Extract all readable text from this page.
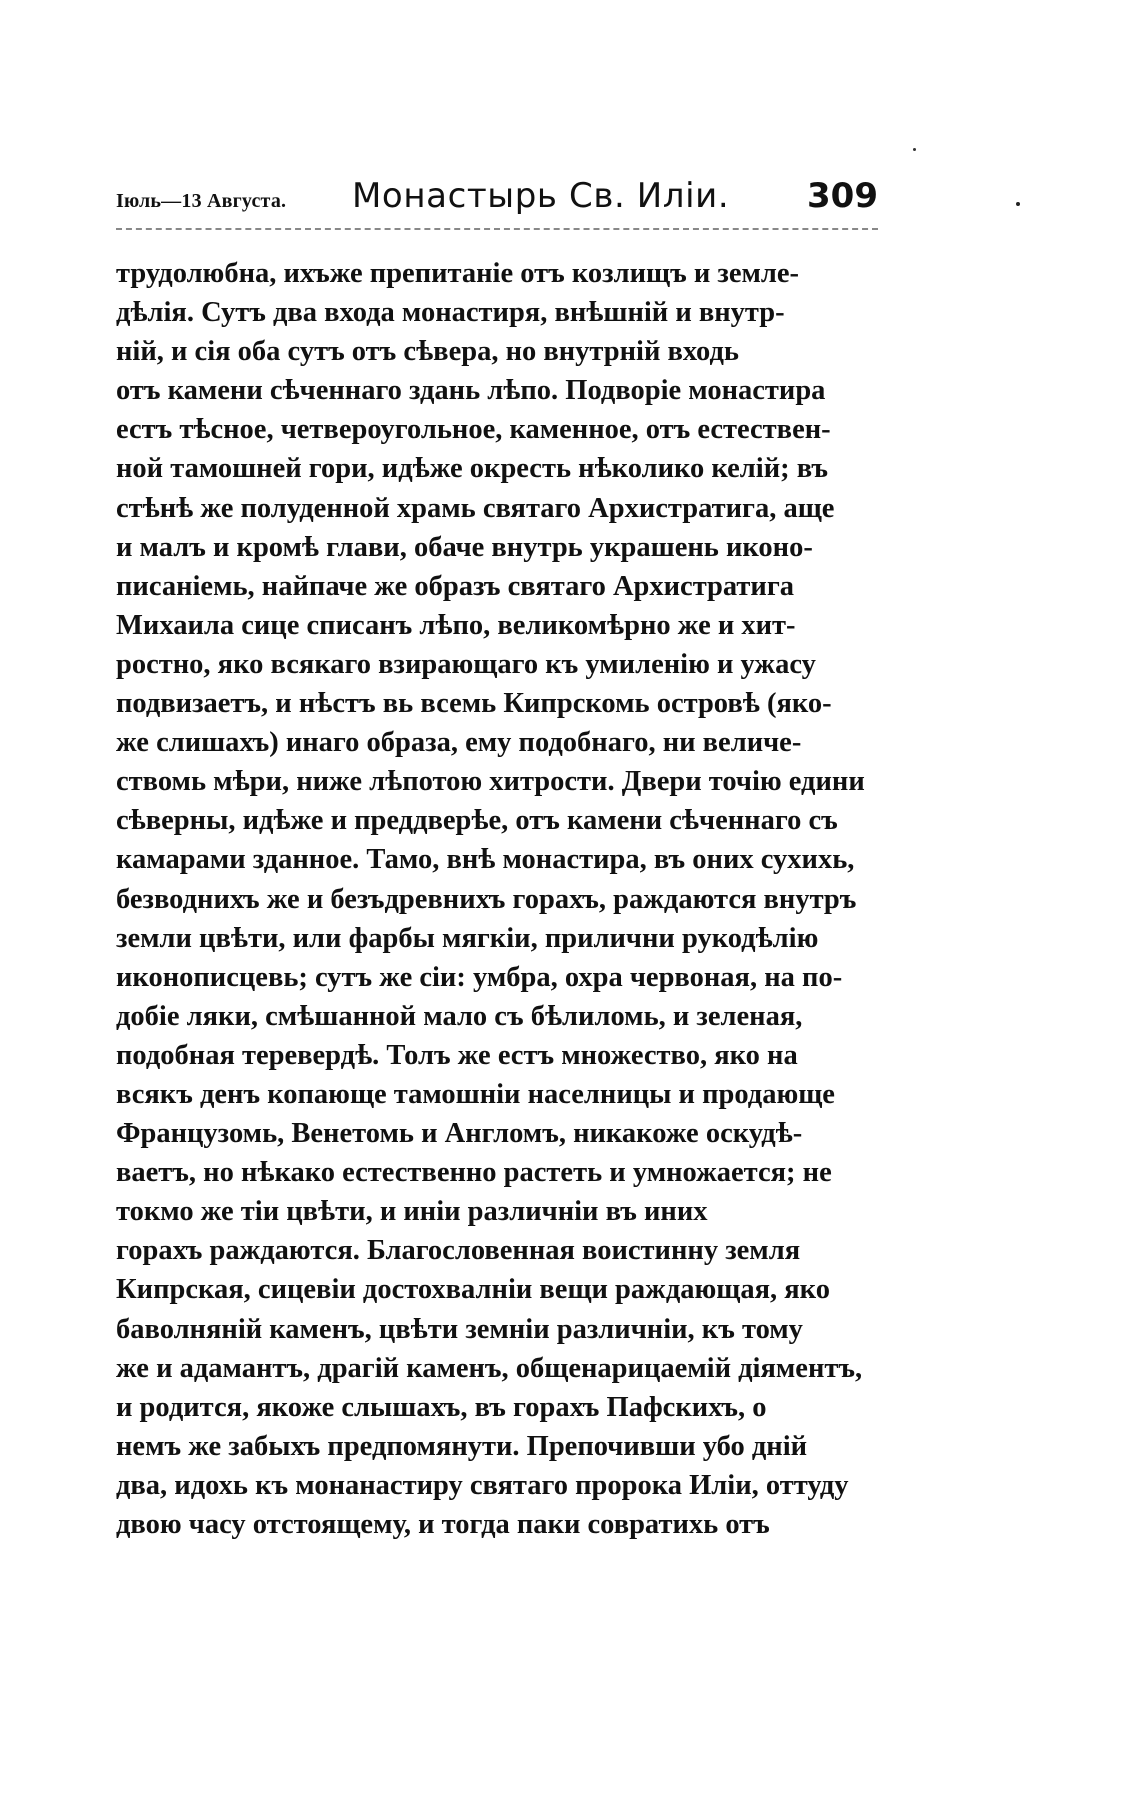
Іюль—13 Августа. Монастырь Св. Иліи. 309
трудолюбна, ихъже препитаніе отъ козлищъ и земле-
дѣлія. Сутъ два входа монастиря, внѣшній и внутр-
ній, и сія оба сутъ отъ сѣвера, но внутрній входь
отъ камени сѣченнаго здань лѣпо. Подворіе монастира
естъ тѣсное, четвероугольное, каменное, отъ естествен-
ной тамошней гори, идѣже окресть нѣколико келій; въ
стѣнѣ же полуденной храмь святаго Архистратига, аще
и малъ и кромѣ глави, обаче внутрь украшень иконо-
писаніемь, найпаче же образъ святаго Архистратига
Михаила сице списанъ лѣпо, великомѣрно же и хит-
ростно, яко всякаго взирающаго къ умиленію и ужасу
подвизаетъ, и нѣстъ вь всемь Кипрскомь островѣ (яко-
же слишахъ) инаго образа, ему подобнаго, ни величе-
ствомь мѣри, ниже лѣпотою хитрости. Двери точію едини
сѣверны, идѣже и преддверѣе, отъ камени сѣченнаго съ
камарами зданное. Тамо, внѣ монастира, въ оних сухихь,
безводнихъ же и безъдревнихъ горахъ, раждаются внутръ
земли цвѣти, или фарбы мягкіи, прилични рукодѣлію
иконописцевь; сутъ же сіи: умбра, охра червоная, на по-
добіе ляки, смѣшанной мало съ бѣлиломь, и зеленая,
подобная теревердѣ. Толъ же естъ множество, яко на
всякъ денъ копающе тамошніи населницы и продающе
Французомь, Венетомь и Англомъ, никакоже оскудѣ-
ваетъ, но нѣкако естественно растеть и умножается; не
токмо же тіи цвѣти, и иніи различніи въ иних
горахъ раждаются. Благословенная воистинну земля
Кипрская, сицевіи достохвалніи вещи раждающая, яко
баволняній каменъ, цвѣти земніи различніи, къ тому
же и адамантъ, драгій каменъ, общенарицаемій діяментъ,
и родится, якоже слышахъ, въ горахъ Пафскихъ, о
немъ же забыхъ предпомянути. Препочивши убо дній
два, идохь къ монанастиру святаго пророка Иліи, оттуду
двою часу отстоящему, и тогда паки совратихь отъ
